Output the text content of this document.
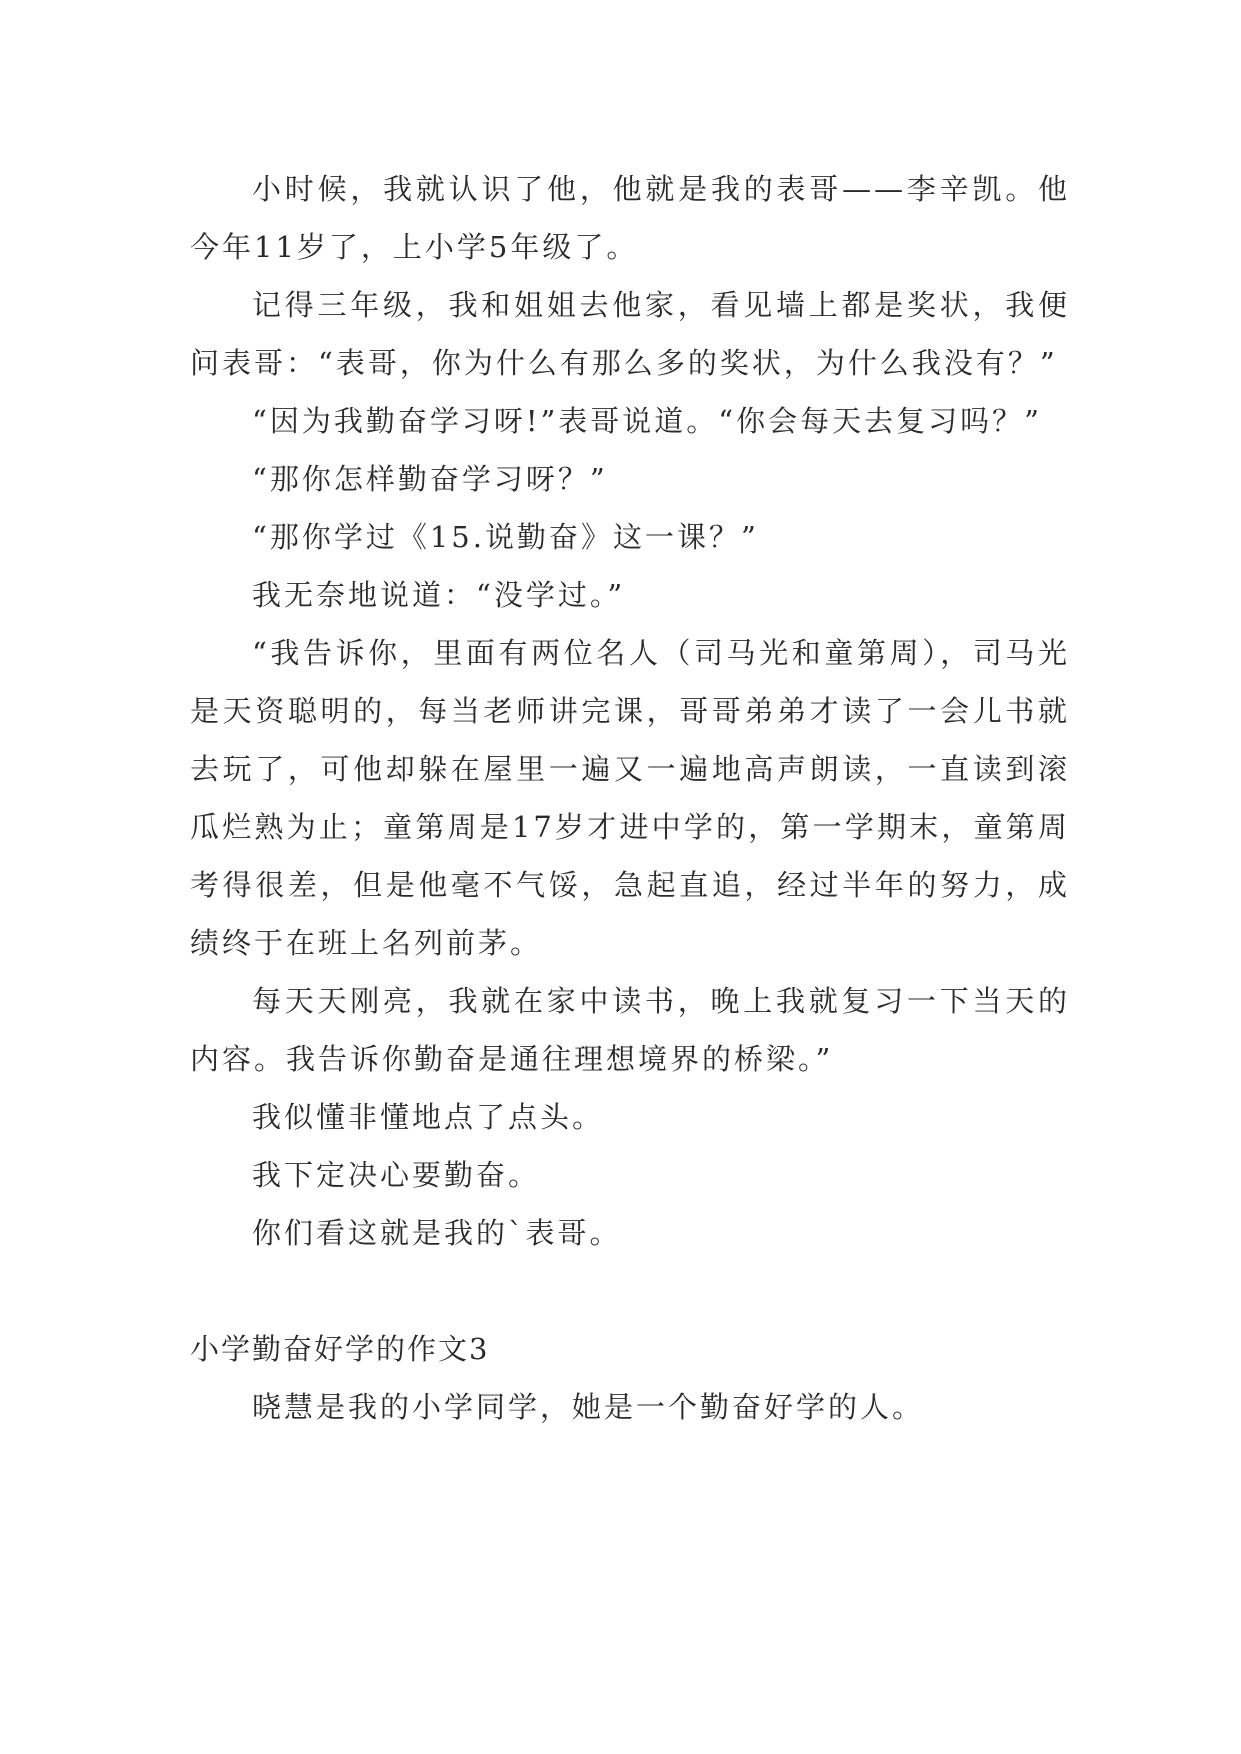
小时候，我就认识了他，他就是我的表哥——李辛凯。他今年11岁了，上小学5年级了。

记得三年级，我和姐姐去他家，看见墙上都是奖状，我便问表哥：“表哥，你为什么有那么多的奖状，为什么我没有？”

“因为我勤奋学习呀!”表哥说道。“你会每天去复习吗？”

“那你怎样勤奋学习呀？”

“那你学过《15.说勤奋》这一课？”

我无奈地说道：“没学过。”

“我告诉你，里面有两位名人（司马光和童第周），司马光是天资聪明的，每当老师讲完课，哥哥弟弟才读了一会儿书就去玩了，可他却躲在屋里一遍又一遍地高声朗读，一直读到滚瓜烂熟为止；童第周是17岁才进中学的，第一学期末，童第周考得很差，但是他毫不气馁，急起直追，经过半年的努力，成绩终于在班上名列前茅。

每天天刚亮，我就在家中读书，晚上我就复习一下当天的内容。我告诉你勤奋是通往理想境界的桥梁。”

我似懂非懂地点了点头。

我下定决心要勤奋。

你们看这就是我的`表哥。

小学勤奋好学的作文3

晓慧是我的小学同学，她是一个勤奋好学的人。
